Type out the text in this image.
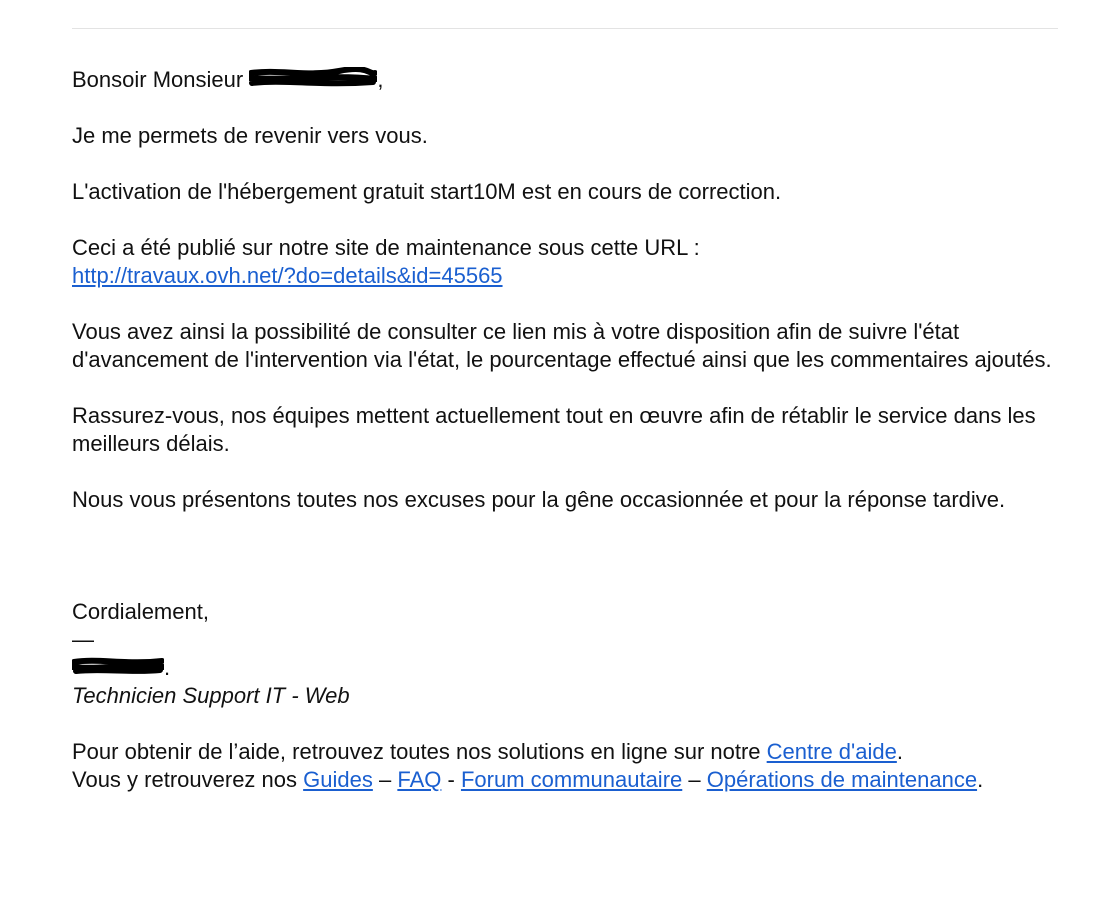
Bonsoir Monsieur	,

Je me permets de revenir vers vous.

L'activation de l'hébergement gratuit start10M est en cours de correction.

Ceci a été publié sur notre site de maintenance sous cette URL :

http://travaux.ovh.net/?do=details&id=45565

Vous avez ainsi la possibilité de consulter ce lien mis à votre disposition afin de suivre l'état d'avancement de l'intervention via l'état, le pourcentage effectué ainsi que les commentaires ajoutés.

Rassurez-vous, nos équipes mettent actuellement tout en œuvre afin de rétablir le service dans les meilleurs délais.

Nous vous présentons toutes nos excuses pour la gêne occasionnée et pour la réponse tardive.

Cordialement,

—

.

Technicien Support IT - Web

Pour obtenir de l’aide, retrouvez toutes nos solutions en ligne sur notre Centre d'aide.

Vous y retrouverez nos Guides – FAQ - Forum communautaire – Opérations de maintenance.
